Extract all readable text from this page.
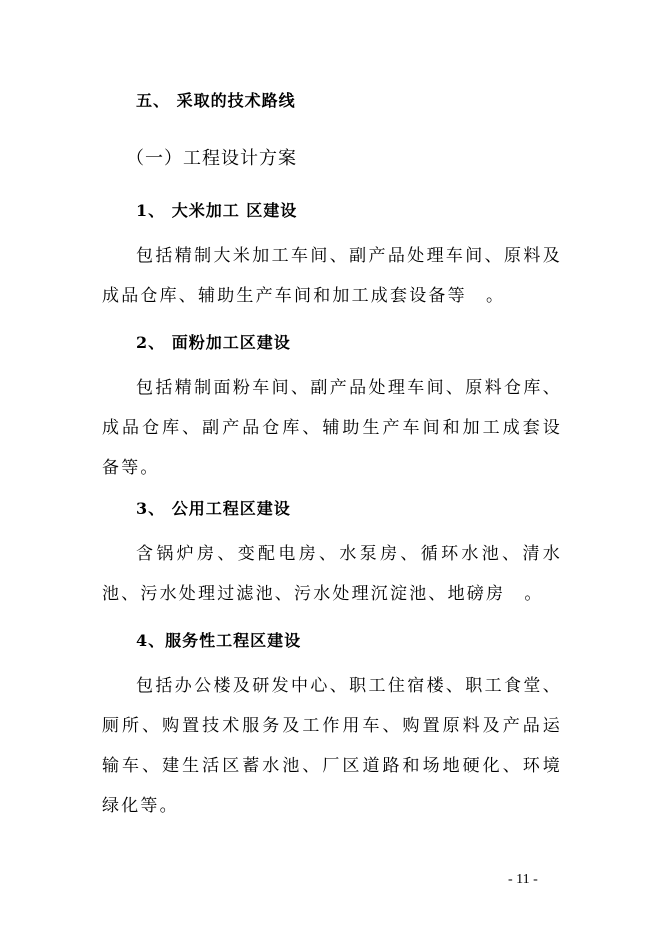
五、 采取的技术路线
（一）工程设计方案
1、 大米加工 区建设
包括精制大米加工车间、副产品处理车间、原料及成品仓库、辅助生产车间和加工成套设备等　。
2、 面粉加工区建设
包括精制面粉车间、副产品处理车间、原料仓库、成品仓库、副产品仓库、辅助生产车间和加工成套设备等。
3、 公用工程区建设
含锅炉房、变配电房、水泵房、循环水池、清水池、污水处理过滤池、污水处理沉淀池、地磅房　。
4、服务性工程区建设
包括办公楼及研发中心、职工住宿楼、职工食堂、厕所、购置技术服务及工作用车、购置原料及产品运输车、建生活区蓄水池、厂区道路和场地硬化、环境绿化等。
- 11 -
